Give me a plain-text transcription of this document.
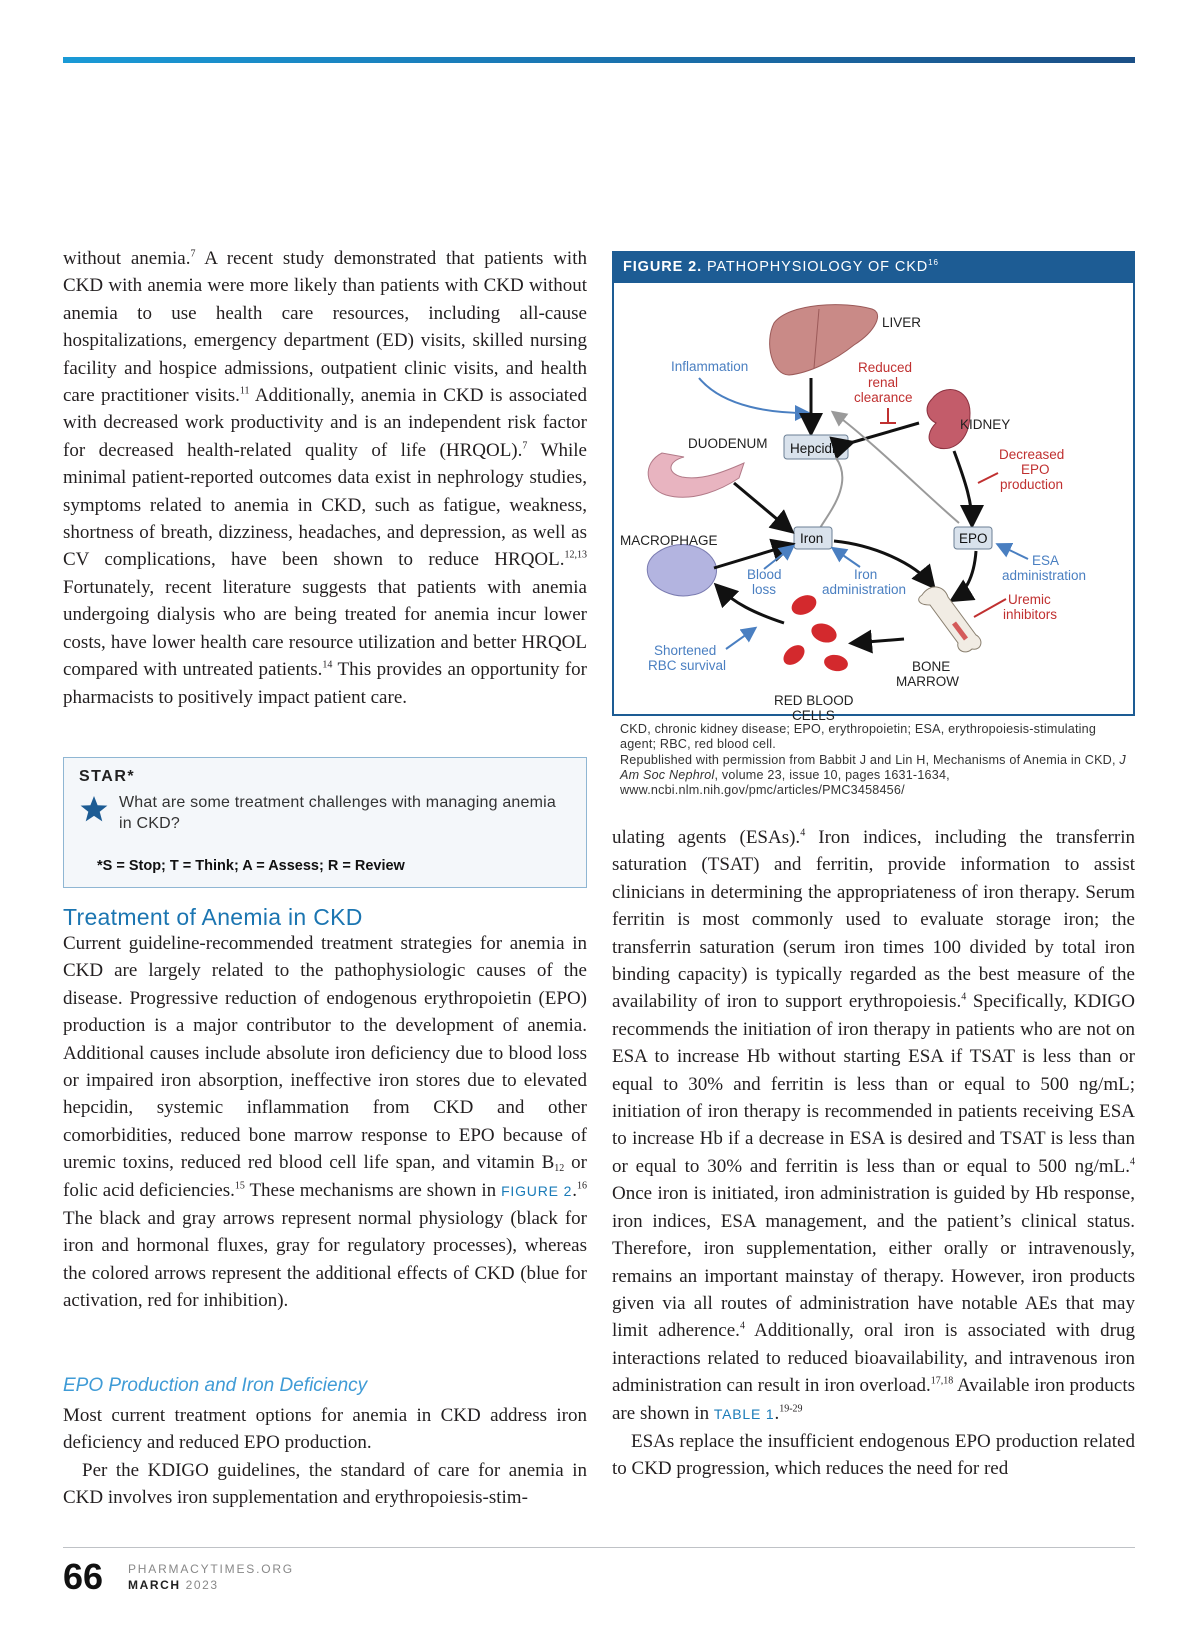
without anemia.$^7$ A recent study demonstrated that patients with CKD with anemia were more likely than patients with CKD without anemia to use health care resources, including all-cause hospitalizations, emergency department (ED) visits, skilled nursing facility and hospice admissions, outpatient clinic visits, and health care practitioner visits.$^{11}$ Additionally, anemia in CKD is associated with decreased work productivity and is an independent risk factor for decreased health-related quality of life (HRQOL).$^7$ While minimal patient-reported outcomes data exist in nephrology studies, symptoms related to anemia in CKD, such as fatigue, weakness, shortness of breath, dizziness, headaches, and depression, as well as CV complications, have been shown to reduce HRQOL.$^{12,13}$ Fortunately, recent literature suggests that patients with anemia undergoing dialysis who are being treated for anemia incur lower costs, have lower health care resource utilization and better HRQOL compared with untreated patients.$^{14}$ This provides an opportunity for pharmacists to positively impact patient care.

STAR*
What are some treatment challenges with managing anemia in CKD?
*S = Stop; T = Think; A = Assess; R = Review
Treatment of Anemia in CKD

Current guideline-recommended treatment strategies for anemia in CKD are largely related to the pathophysiologic causes of the disease. Progressive reduction of endogenous erythropoietin (EPO) production is a major contributor to the development of anemia. Additional causes include absolute iron deficiency due to blood loss or impaired iron absorption, ineffective iron stores due to elevated hepcidin, systemic inflammation from CKD and other comorbidities, reduced bone marrow response to EPO because of uremic toxins, reduced red blood cell life span, and vitamin $B_{12}$ or folic acid deficiencies.$^{15}$ These mechanisms are shown in FIGURE 2.16 The black and gray arrows represent normal physiology (black for iron and hormonal fluxes, gray for regulatory processes), whereas the colored arrows represent the additional effects of CKD (blue for activation, red for inhibition).

EPO Production and Iron Deficiency

Most current treatment options for anemia in CKD address iron deficiency and reduced EPO production.

Per the KDIGO guidelines, the standard of care for anemia in CKD involves iron supplementation and erythropoiesis-stim-

FIGURE 2. PATHOPHYSIOLOGY OF CKD$^{16}$
LIVER
Inflammation	Reduced
renal
clearance
KIDNEY
Hepcidin
DUODENUM
Decreased
EPO
production
MACROPHAGE	Iron	EPO
ESA
administration
Blood
loss
Iron
administration
Uremic
inhibitors
BONE
MARROW
RED BLOOD
CELLS
Shortened
RBC survival
CKD, chronic kidney disease; EPO, erythropoietin; ESA, erythropoiesis-stimulating agent; RBC, red blood cell.
Republished with permission from Babbit J and Lin H, Mechanisms of Anemia in CKD, J Am Soc Nephrol, volume 23, issue 10, pages 1631-1634, www.ncbi.nlm.nih.gov/pmc/articles/PMC3458456/

ulating agents (ESAs).$^4$ Iron indices, including the transferrin saturation (TSAT) and ferritin, provide information to assist clinicians in determining the appropriateness of iron therapy. Serum ferritin is most commonly used to evaluate storage iron; the transferrin saturation (serum iron times 100 divided by total iron binding capacity) is typically regarded as the best measure of the availability of iron to support erythropoiesis.$^4$ Specifically, KDIGO recommends the initiation of iron therapy in patients who are not on ESA to increase Hb without starting ESA if TSAT is less than or equal to 30% and ferritin is less than or equal to 500 ng/mL; initiation of iron therapy is recommended in patients receiving ESA to increase Hb if a decrease in ESA is desired and TSAT is less than or equal to 30% and ferritin is less than or equal to 500 ng/mL.$^4$ Once iron is initiated, iron administration is guided by Hb response, iron indices, ESA management, and the patient’s clinical status. Therefore, iron supplementation, either orally or intravenously, remains an important mainstay of therapy. However, iron products given via all routes of administration have notable AEs that may limit adherence.$^4$ Additionally, oral iron is associated with drug interactions related to reduced bioavailability, and intravenous iron administration can result in iron overload.$^{17,18}$ Available iron products are shown in TABLE 1.$^{19-29}$

ESAs replace the insufficient endogenous EPO production related to CKD progression, which reduces the need for red

66 PHARMACYTIMES.ORG
MARCH 2023
